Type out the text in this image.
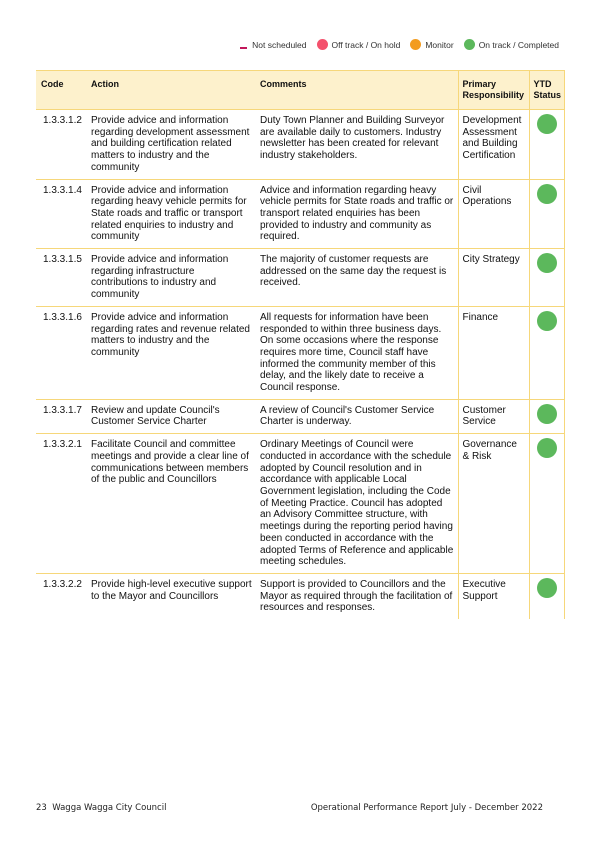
Not scheduled	Off track / On hold	Monitor	On track / Completed
Code	Action	Comments	Primary Responsibility	YTD Status
1.3.3.1.2	Provide advice and information regarding development assessment and building certification related matters to industry and the community	Duty Town Planner and Building Surveyor are available daily to customers. Industry newsletter has been created for relevant industry stakeholders.	Development Assessment and Building Certification	

1.3.3.1.4	Provide advice and information regarding heavy vehicle permits for State roads and traffic or transport related enquiries to industry and community	Advice and information regarding heavy vehicle permits for State roads and traffic or transport related enquiries has been provided to industry and community as required.	Civil Operations	

1.3.3.1.5	Provide advice and information regarding infrastructure contributions to industry and community	The majority of customer requests are addressed on the same day the request is received.	City Strategy	

1.3.3.1.6	Provide advice and information regarding rates and revenue related matters to industry and the community	All requests for information have been responded to within three business days. On some occasions where the response requires more time, Council staff have informed the community member of this delay, and the likely date to receive a Council response.	Finance	

1.3.3.1.7	Review and update Council's Customer Service Charter	A review of Council's Customer Service Charter is underway.	Customer Service	

1.3.3.2.1	Facilitate Council and committee meetings and provide a clear line of communications between members of the public and Councillors	Ordinary Meetings of Council were conducted in accordance with the schedule adopted by Council resolution and in accordance with applicable Local Government legislation, including the Code of Meeting Practice. Council has adopted an Advisory Committee structure, with meetings during the reporting period having been conducted in accordance with the adopted Terms of Reference and applicable meeting schedules.	Governance & Risk	

1.3.3.2.2	Provide high-level executive support to the Mayor and Councillors	Support is provided to Councillors and the Mayor as required through the facilitation of resources and responses.	Executive Support	
23 Wagga Wagga City Council	Operational Performance Report July - December 2022
